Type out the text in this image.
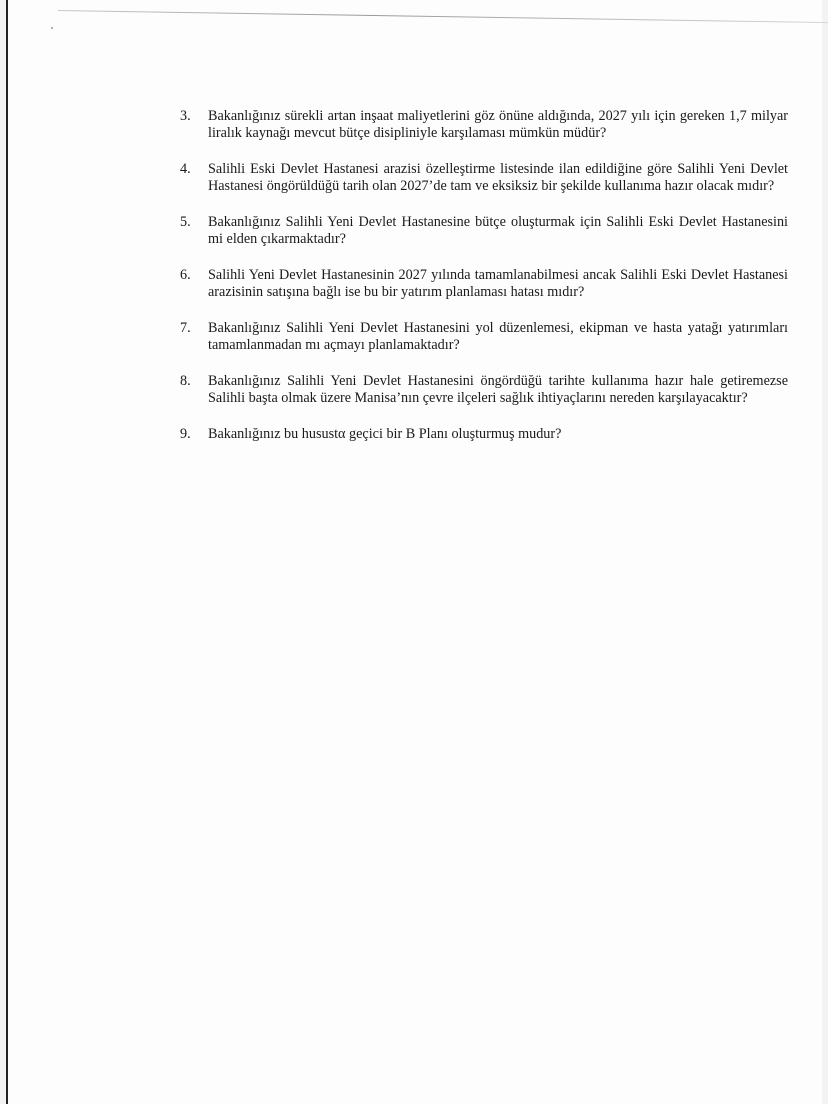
3.	Bakanlığınız sürekli artan inşaat maliyetlerini göz önüne aldığında, 2027 yılı için gereken 1,7 milyar liralık kaynağı mevcut bütçe disipliniyle karşılaması mümkün müdür?
4.	Salihli Eski Devlet Hastanesi arazisi özelleştirme listesinde ilan edildiğine göre Salihli Yeni Devlet Hastanesi öngörüldüğü tarih olan 2027’de tam ve eksiksiz bir şekilde kullanıma hazır olacak mıdır?
5.	Bakanlığınız Salihli Yeni Devlet Hastanesine bütçe oluşturmak için Salihli Eski Devlet Hastanesini mi elden çıkarmaktadır?
6.	Salihli Yeni Devlet Hastanesinin 2027 yılında tamamlanabilmesi ancak Salihli Eski Devlet Hastanesi arazisinin satışına bağlı ise bu bir yatırım planlaması hatası mıdır?
7.	Bakanlığınız Salihli Yeni Devlet Hastanesini yol düzenlemesi, ekipman ve hasta yatağı yatırımları tamamlanmadan mı açmayı planlamaktadır?
8.	Bakanlığınız Salihli Yeni Devlet Hastanesini öngördüğü tarihte kullanıma hazır hale getiremezse Salihli başta olmak üzere Manisa’nın çevre ilçeleri sağlık ihtiyaçlarını nereden karşılayacaktır?
9.	Bakanlığınız bu husustα geçici bir B Planı oluşturmuş mudur?
